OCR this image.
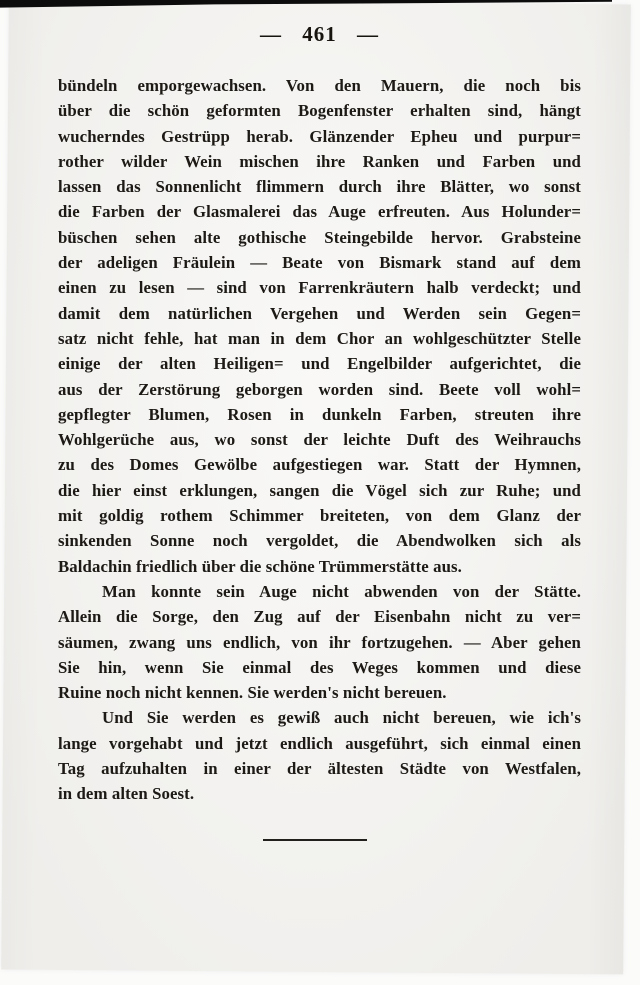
— 461 —
bündeln emporgewachsen. Von den Mauern, die noch bis
über die schön geformten Bogenfenster erhalten sind, hängt
wucherndes Gestrüpp herab. Glänzender Epheu und purpur=
rother wilder Wein mischen ihre Ranken und Farben und
lassen das Sonnenlicht flimmern durch ihre Blätter, wo sonst
die Farben der Glasmalerei das Auge erfreuten. Aus Holunder=
büschen sehen alte gothische Steingebilde hervor. Grabsteine
der adeligen Fräulein — Beate von Bismark stand auf dem
einen zu lesen — sind von Farrenkräutern halb verdeckt; und
damit dem natürlichen Vergehen und Werden sein Gegen=
satz nicht fehle, hat man in dem Chor an wohlgeschützter Stelle
einige der alten Heiligen= und Engelbilder aufgerichtet, die
aus der Zerstörung geborgen worden sind. Beete voll wohl=
gepflegter Blumen, Rosen in dunkeln Farben, streuten ihre
Wohlgerüche aus, wo sonst der leichte Duft des Weihrauchs
zu des Domes Gewölbe aufgestiegen war. Statt der Hymnen,
die hier einst erklungen, sangen die Vögel sich zur Ruhe; und
mit goldig rothem Schimmer breiteten, von dem Glanz der
sinkenden Sonne noch vergoldet, die Abendwolken sich als
Baldachin friedlich über die schöne Trümmerstätte aus.
Man konnte sein Auge nicht abwenden von der Stätte.
Allein die Sorge, den Zug auf der Eisenbahn nicht zu ver=
säumen, zwang uns endlich, von ihr fortzugehen. — Aber gehen
Sie hin, wenn Sie einmal des Weges kommen und diese
Ruine noch nicht kennen. Sie werden's nicht bereuen.
Und Sie werden es gewiß auch nicht bereuen, wie ich's
lange vorgehabt und jetzt endlich ausgeführt, sich einmal einen
Tag aufzuhalten in einer der ältesten Städte von Westfalen,
in dem alten Soest.
